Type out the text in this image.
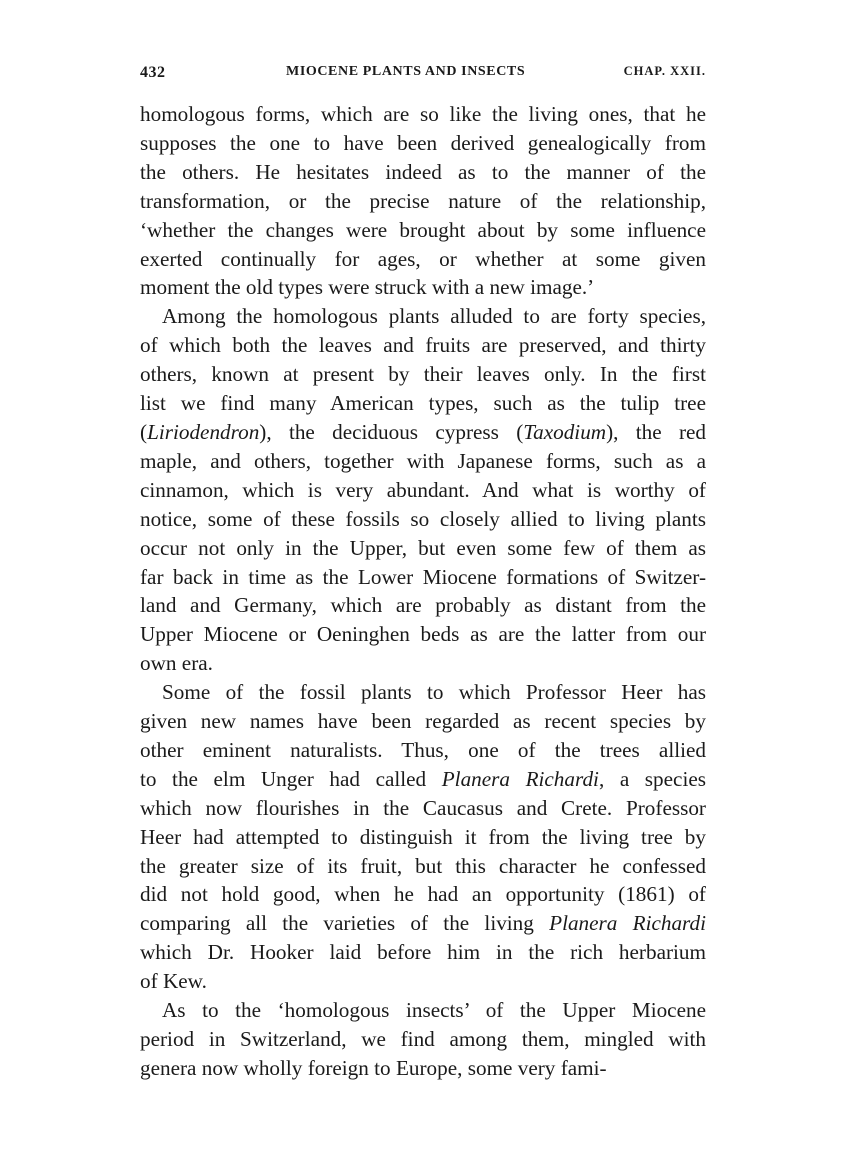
432	MIOCENE PLANTS AND INSECTS	CHAP. XXII.

homologous forms, which are so like the living ones, that he
supposes the one to have been derived genealogically from
the others. He hesitates indeed as to the manner of the
transformation, or the precise nature of the relationship,
‘whether the changes were brought about by some influence
exerted continually for ages, or whether at some given
moment the old types were struck with a new image.’

Among the homologous plants alluded to are forty species,
of which both the leaves and fruits are preserved, and thirty
others, known at present by their leaves only. In the first
list we find many American types, such as the tulip tree
(Liriodendron), the deciduous cypress (Taxodium), the red
maple, and others, together with Japanese forms, such as a
cinnamon, which is very abundant. And what is worthy of
notice, some of these fossils so closely allied to living plants
occur not only in the Upper, but even some few of them as
far back in time as the Lower Miocene formations of Switzer-
land and Germany, which are probably as distant from the
Upper Miocene or Oeninghen beds as are the latter from our
own era.

Some of the fossil plants to which Professor Heer has
given new names have been regarded as recent species by
other eminent naturalists. Thus, one of the trees allied
to the elm Unger had called Planera Richardi, a species
which now flourishes in the Caucasus and Crete. Professor
Heer had attempted to distinguish it from the living tree by
the greater size of its fruit, but this character he confessed
did not hold good, when he had an opportunity (1861) of
comparing all the varieties of the living Planera Richardi
which Dr. Hooker laid before him in the rich herbarium
of Kew.

As to the ‘homologous insects’ of the Upper Miocene
period in Switzerland, we find among them, mingled with
genera now wholly foreign to Europe, some very fami-
